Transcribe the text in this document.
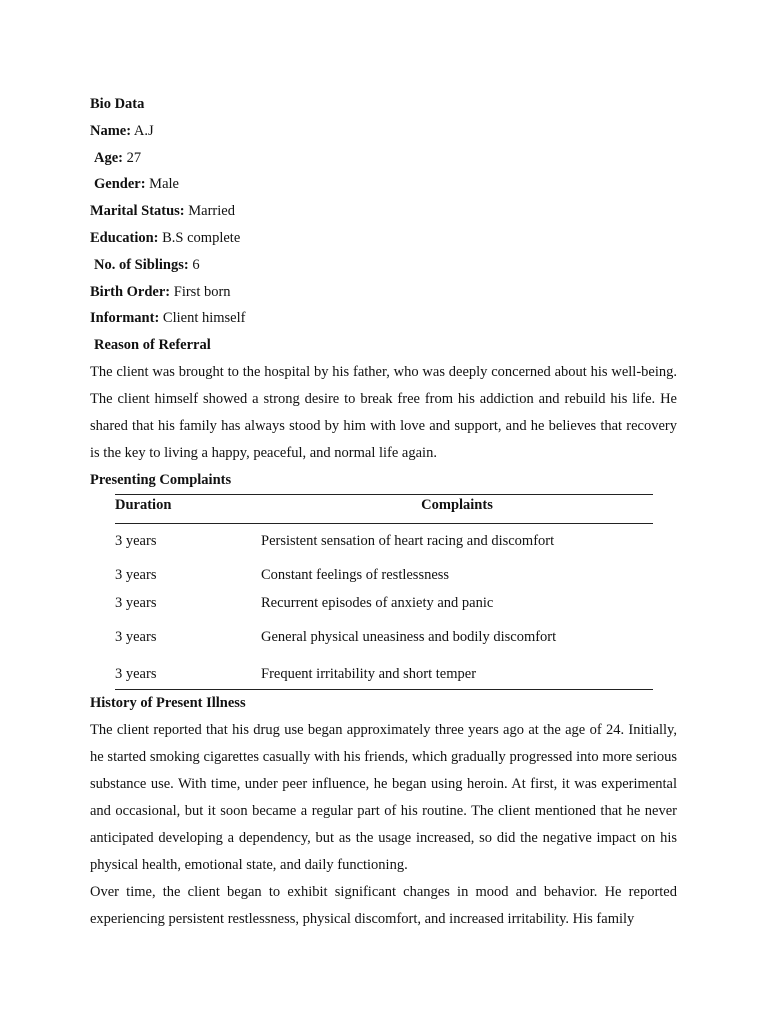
Bio Data
Name: A.J
Age: 27
Gender: Male
Marital Status: Married
Education: B.S complete
No. of Siblings: 6
Birth Order: First born
Informant: Client himself
Reason of Referral

The client was brought to the hospital by his father, who was deeply concerned about his well-being. The client himself showed a strong desire to break free from his addiction and rebuild his life. He shared that his family has always stood by him with love and support, and he believes that recovery is the key to living a happy, peaceful, and normal life again.

Presenting Complaints
Duration	Complaints
3 years	Persistent sensation of heart racing and discomfort
3 years	Constant feelings of restlessness
3 years	Recurrent episodes of anxiety and panic
3 years	General physical uneasiness and bodily discomfort
3 years	Frequent irritability and short temper
History of Present Illness

The client reported that his drug use began approximately three years ago at the age of 24. Initially, he started smoking cigarettes casually with his friends, which gradually progressed into more serious substance use. With time, under peer influence, he began using heroin. At first, it was experimental and occasional, but it soon became a regular part of his routine. The client mentioned that he never anticipated developing a dependency, but as the usage increased, so did the negative impact on his physical health, emotional state, and daily functioning.

Over time, the client began to exhibit significant changes in mood and behavior. He reported experiencing persistent restlessness, physical discomfort, and increased irritability. His family
